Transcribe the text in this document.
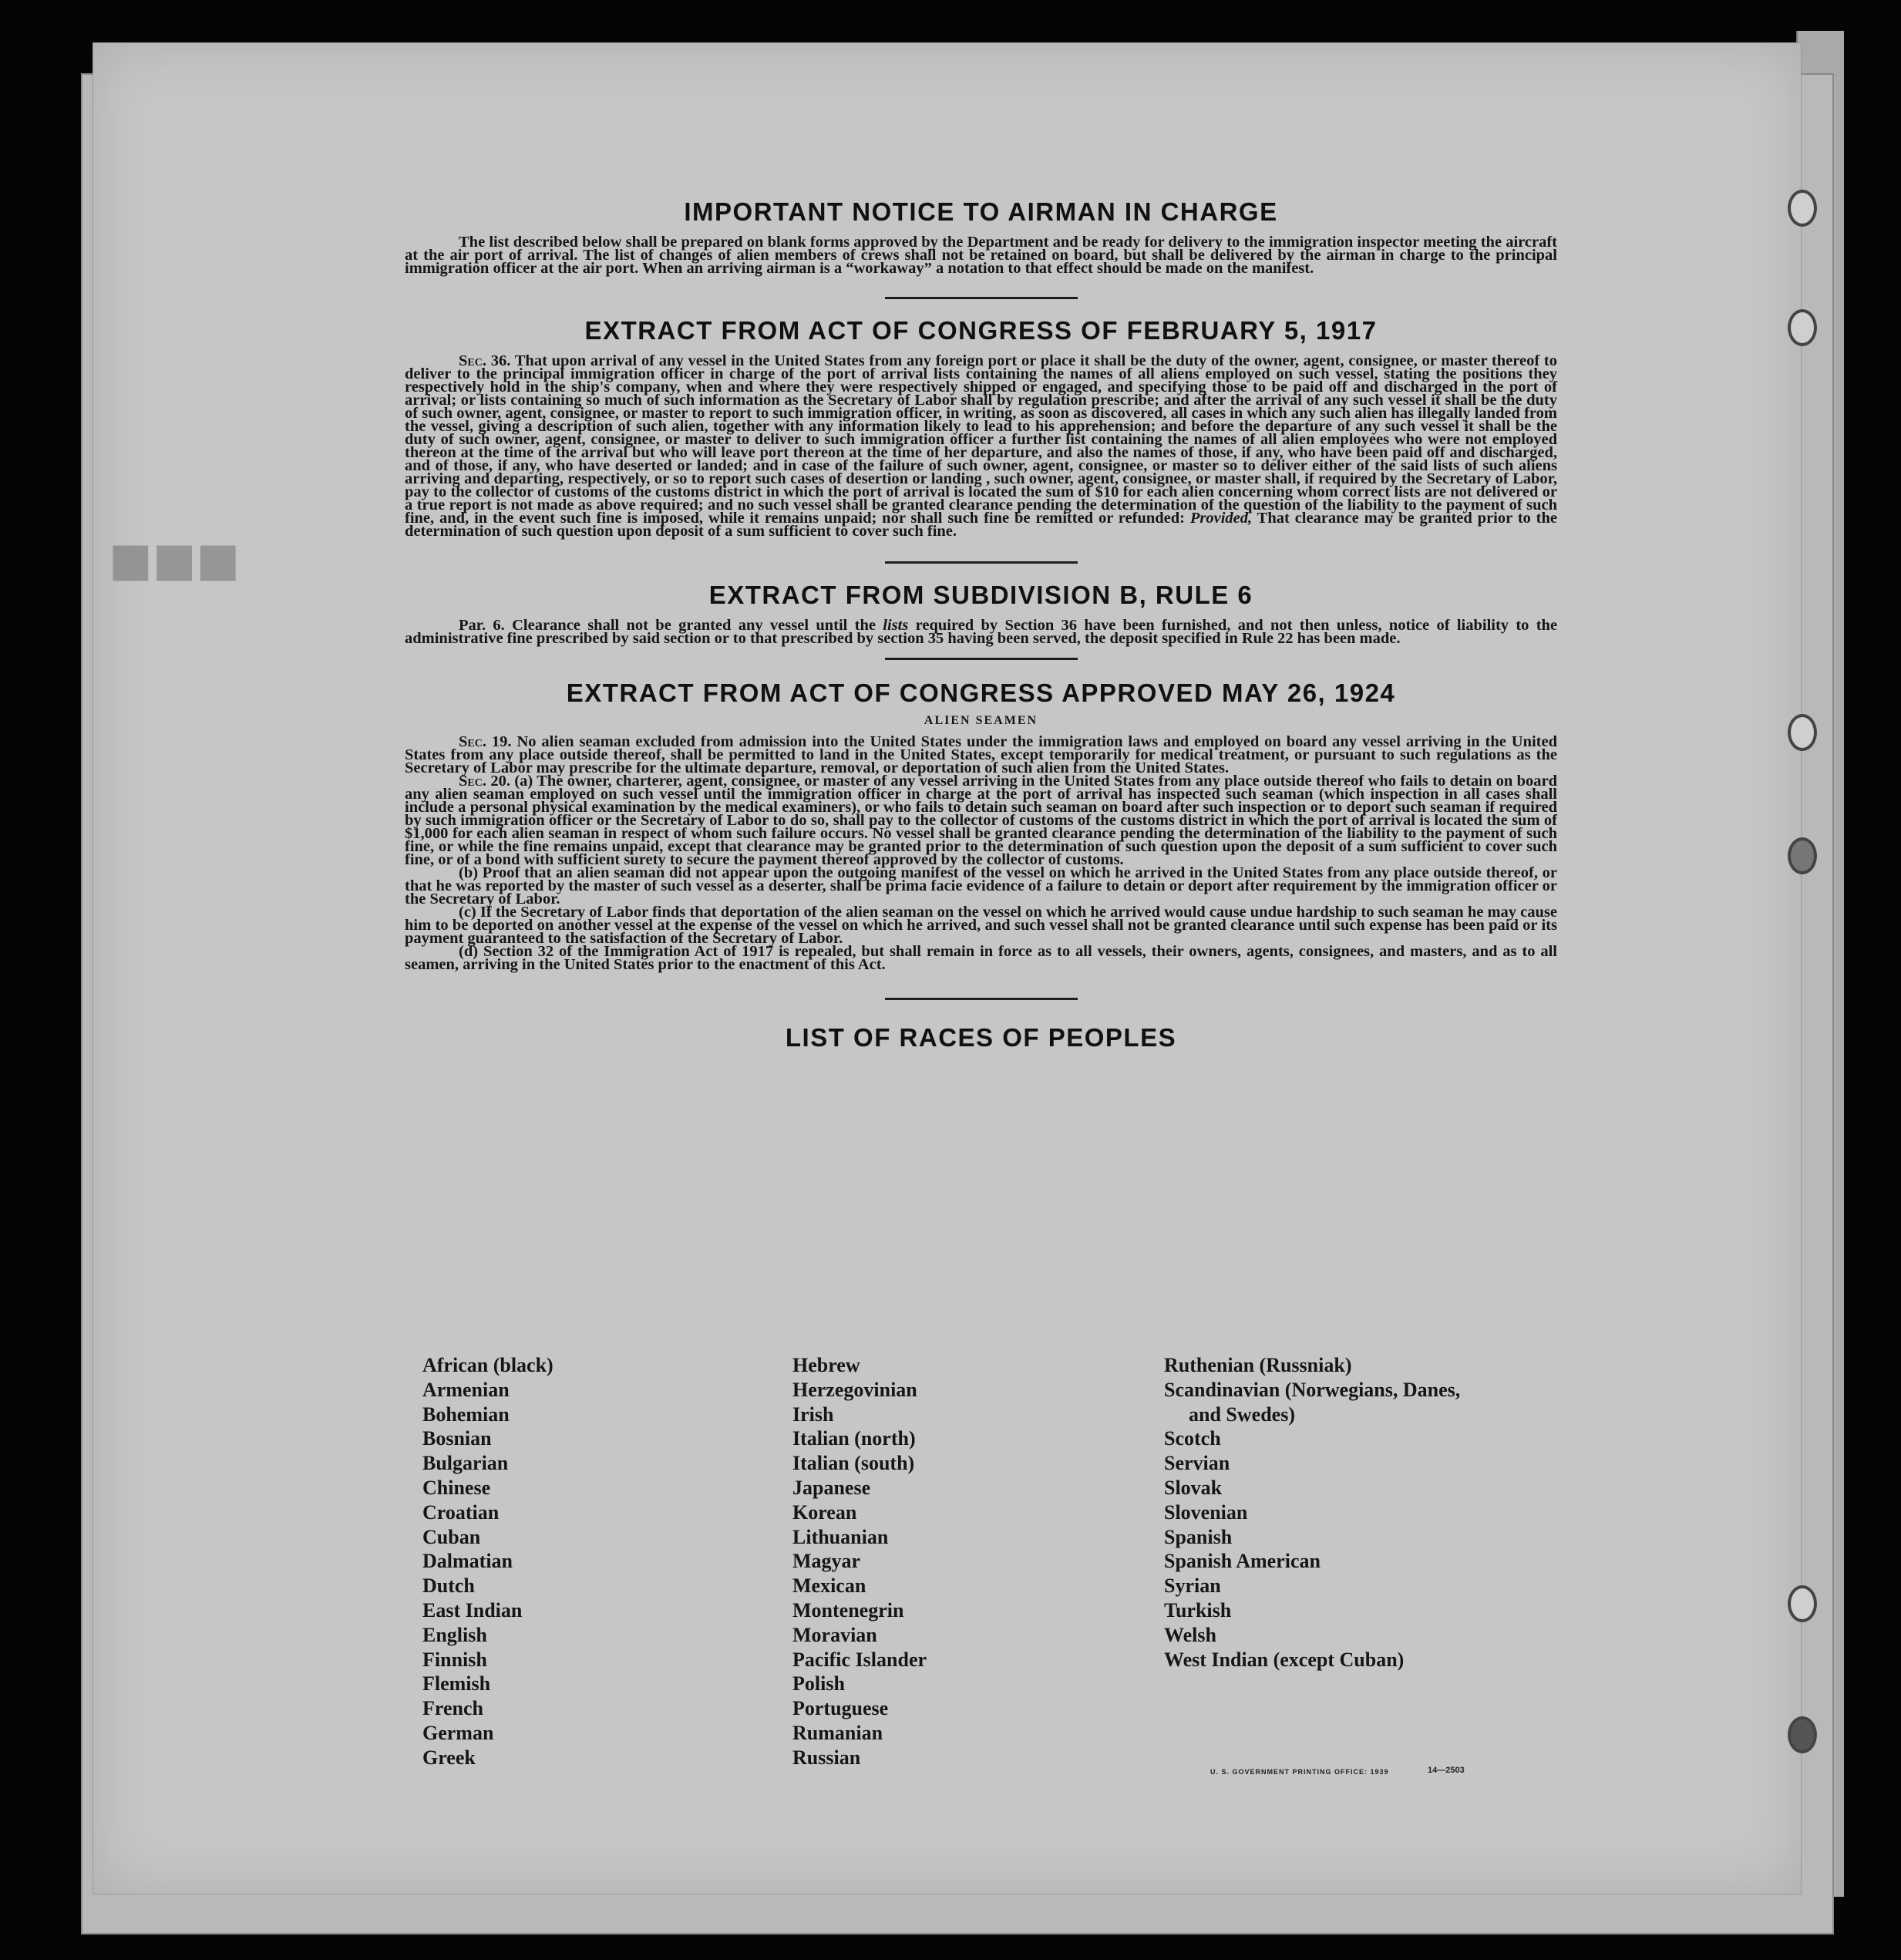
■■■
IMPORTANT NOTICE TO AIRMAN IN CHARGE

The list described below shall be prepared on blank forms approved by the Department and be ready for delivery to the immigration inspector meeting the aircraft at the air port of arrival. The list of changes of alien members of crews shall not be retained on board, but shall be delivered by the airman in charge to the principal immigration officer at the air port. When an arriving airman is a “workaway” a notation to that effect should be made on the manifest.

EXTRACT FROM ACT OF CONGRESS OF FEBRUARY 5, 1917

Sec. 36. That upon arrival of any vessel in the United States from any foreign port or place it shall be the duty of the owner, agent, consignee, or master thereof to deliver to the principal immigration officer in charge of the port of arrival lists containing the names of all aliens employed on such vessel, stating the positions they respectively hold in the ship's company, when and where they were respectively shipped or engaged, and specifying those to be paid off and discharged in the port of arrival; or lists containing so much of such information as the Secretary of Labor shall by regulation prescribe; and after the arrival of any such vessel it shall be the duty of such owner, agent, consignee, or master to report to such immigration officer, in writing, as soon as discovered, all cases in which any such alien has illegally landed from the vessel, giving a description of such alien, together with any information likely to lead to his apprehension; and before the departure of any such vessel it shall be the duty of such owner, agent, consignee, or master to deliver to such immigration officer a further list containing the names of all alien employees who were not employed thereon at the time of the arrival but who will leave port thereon at the time of her departure, and also the names of those, if any, who have been paid off and discharged, and of those, if any, who have deserted or landed; and in case of the failure of such owner, agent, consignee, or master so to deliver either of the said lists of such aliens arriving and departing, respectively, or so to report such cases of desertion or landing , such owner, agent, consignee, or master shall, if required by the Secretary of Labor, pay to the collector of customs of the customs district in which the port of arrival is located the sum of $10 for each alien concerning whom correct lists are not delivered or a true report is not made as above required; and no such vessel shall be granted clearance pending the determination of the question of the liability to the payment of such fine, and, in the event such fine is imposed, while it remains unpaid; nor shall such fine be remitted or refunded: Provided, That clearance may be granted prior to the determination of such question upon deposit of a sum sufficient to cover such fine.

EXTRACT FROM SUBDIVISION B, RULE 6

Par. 6. Clearance shall not be granted any vessel until the lists required by Section 36 have been furnished, and not then unless, notice of liability to the administrative fine prescribed by said section or to that prescribed by section 35 having been served, the deposit specified in Rule 22 has been made.

EXTRACT FROM ACT OF CONGRESS APPROVED MAY 26, 1924
ALIEN SEAMEN

Sec. 19. No alien seaman excluded from admission into the United States under the immigration laws and employed on board any vessel arriving in the United States from any place outside thereof, shall be permitted to land in the United States, except temporarily for medical treatment, or pursuant to such regulations as the Secretary of Labor may prescribe for the ultimate departure, removal, or deportation of such alien from the United States.

Sec. 20. (a) The owner, charterer, agent, consignee, or master of any vessel arriving in the United States from any place outside thereof who fails to detain on board any alien seaman employed on such vessel until the immigration officer in charge at the port of arrival has inspected such seaman (which inspection in all cases shall include a personal physical examination by the medical examiners), or who fails to detain such seaman on board after such inspection or to deport such seaman if required by such immigration officer or the Secretary of Labor to do so, shall pay to the collector of customs of the customs district in which the port of arrival is located the sum of $1,000 for each alien seaman in respect of whom such failure occurs. No vessel shall be granted clearance pending the determination of the liability to the payment of such fine, or while the fine remains unpaid, except that clearance may be granted prior to the determination of such question upon the deposit of a sum sufficient to cover such fine, or of a bond with sufficient surety to secure the payment thereof approved by the collector of customs.

(b) Proof that an alien seaman did not appear upon the outgoing manifest of the vessel on which he arrived in the United States from any place outside thereof, or that he was reported by the master of such vessel as a deserter, shall be prima facie evidence of a failure to detain or deport after requirement by the immigration officer or the Secretary of Labor.

(c) If the Secretary of Labor finds that deportation of the alien seaman on the vessel on which he arrived would cause undue hardship to such seaman he may cause him to be deported on another vessel at the expense of the vessel on which he arrived, and such vessel shall not be granted clearance until such expense has been paid or its payment guaranteed to the satisfaction of the Secretary of Labor.

(d) Section 32 of the Immigration Act of 1917 is repealed, but shall remain in force as to all vessels, their owners, agents, consignees, and masters, and as to all seamen, arriving in the United States prior to the enactment of this Act.

LIST OF RACES OF PEOPLES
African (black)
Armenian
Bohemian
Bosnian
Bulgarian
Chinese
Croatian
Cuban
Dalmatian
Dutch
East Indian
English
Finnish
Flemish
French
German
Greek
Hebrew
Herzegovinian
Irish
Italian (north)
Italian (south)
Japanese
Korean
Lithuanian
Magyar
Mexican
Montenegrin
Moravian
Pacific Islander
Polish
Portuguese
Rumanian
Russian
Ruthenian (Russniak)
Scandinavian (Norwegians, Danes,
and Swedes)
Scotch
Servian
Slovak
Slovenian
Spanish
Spanish American
Syrian
Turkish
Welsh
West Indian (except Cuban)
U. S. GOVERNMENT PRINTING OFFICE: 1939	14—2503
